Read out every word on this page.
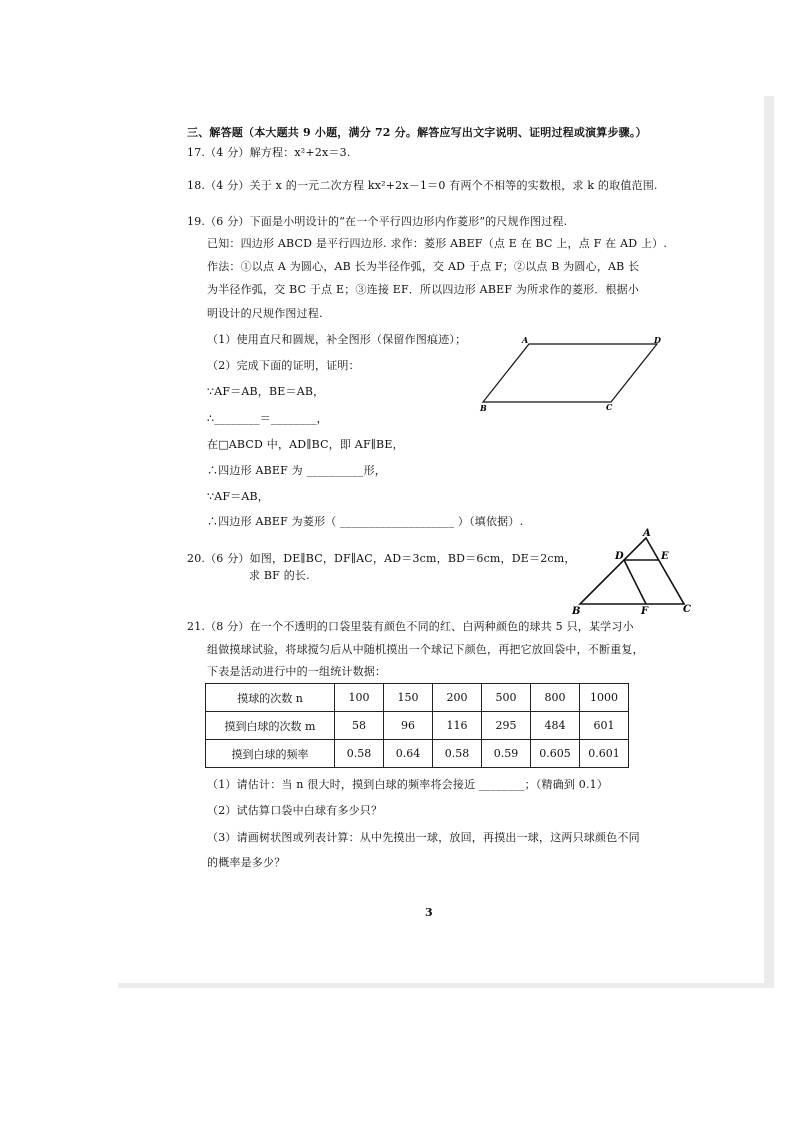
三、解答题（本大题共 9 小题，满分 72 分。解答应写出文字说明、证明过程或演算步骤。）
17.（4 分）解方程：x²+2x＝3.
18.（4 分）关于 x 的一元二次方程 kx²+2x－1＝0 有两个不相等的实数根，求 k 的取值范围.
19.（6 分）下面是小明设计的“在一个平行四边形内作菱形”的尺规作图过程.
已知：四边形 ABCD 是平行四边形. 求作：菱形 ABEF（点 E 在 BC 上，点 F 在 AD 上）.
作法：①以点 A 为圆心，AB 长为半径作弧，交 AD 于点 F；②以点 B 为圆心，AB 长
为半径作弧，交 BC 于点 E；③连接 EF．所以四边形 ABEF 为所求作的菱形．根据小
明设计的尺规作图过程.
（1）使用直尺和圆规，补全图形（保留作图痕迹）；
（2）完成下面的证明，证明：
∵AF＝AB，BE＝AB，
∴________＝________，
在□ABCD 中，AD∥BC，即 AF∥BE，
∴四边形 ABEF 为 __________形，
∵AF＝AB，
∴四边形 ABEF 为菱形（ ____________________ ）（填依据）.
A	D
B	C
20.（6 分）如图，DE∥BC，DF∥AC，AD＝3cm，BD＝6cm，DE＝2cm，
求 BF 的长.
A
D	E
B	F	C
21.（8 分）在一个不透明的口袋里装有颜色不同的红、白两种颜色的球共 5 只，某学习小
组做摸球试验，将球搅匀后从中随机摸出一个球记下颜色，再把它放回袋中，不断重复，
下表是活动进行中的一组统计数据：
摸球的次数 n	100	150	200	500	800	1000
摸到白球的次数 m	58	96	116	295	484	601
摸到白球的频率	0.58	0.64	0.58	0.59	0.605	0.601
（1）请估计：当 n 很大时，摸到白球的频率将会接近 ________；（精确到 0.1）
（2）试估算口袋中白球有多少只？
（3）请画树状图或列表计算：从中先摸出一球，放回，再摸出一球，这两只球颜色不同
的概率是多少？
3
